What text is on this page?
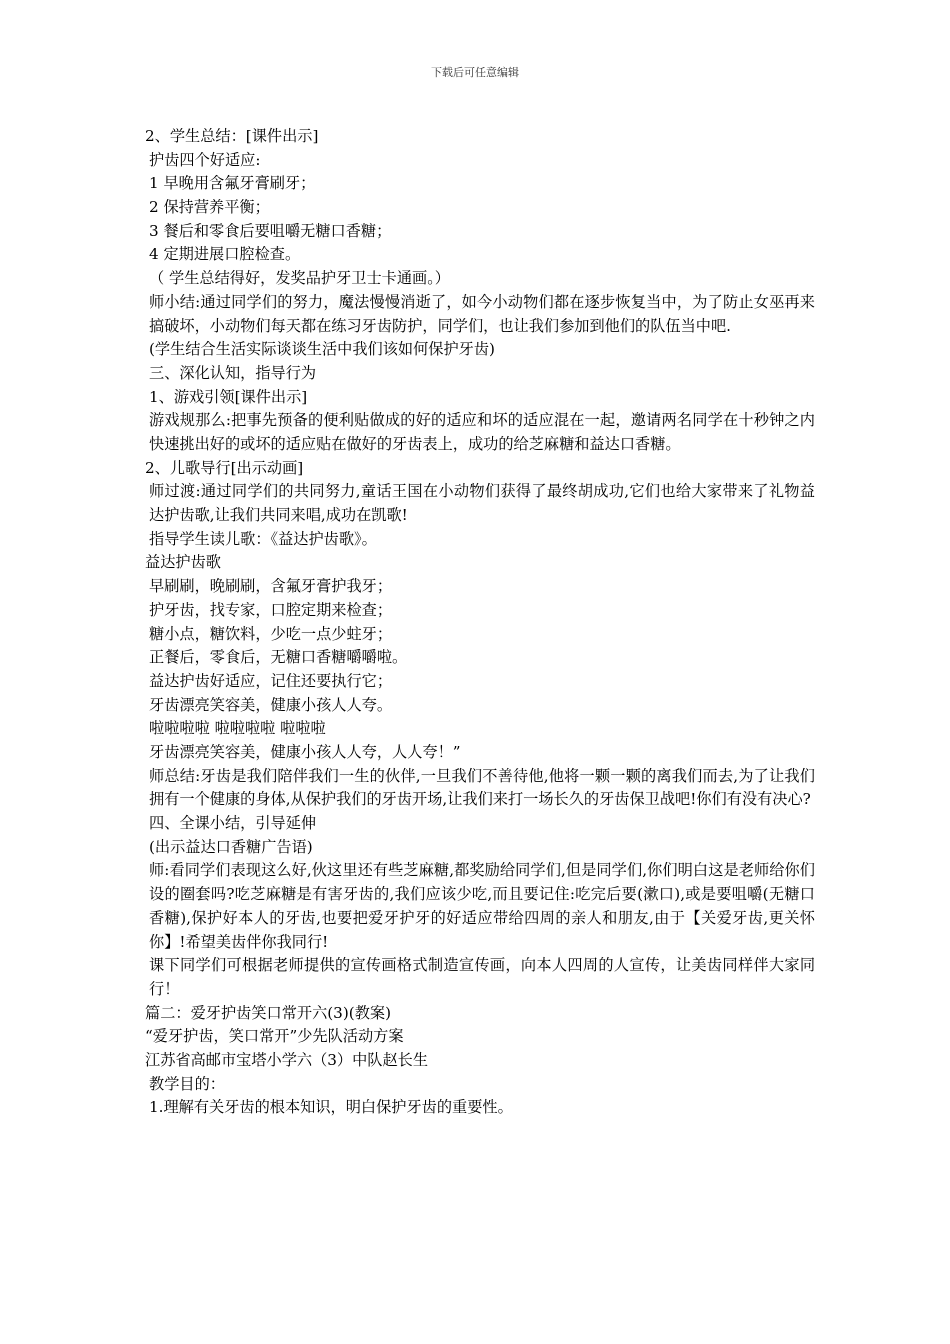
下载后可任意编辑
2、学生总结：[课件出示]
护齿四个好适应:
1 早晚用含氟牙膏刷牙；
2 保持营养平衡；
3 餐后和零食后要咀嚼无糖口香糖；
4 定期进展口腔检查。
（ 学生总结得好，发奖品护牙卫士卡通画。）
师小结:通过同学们的努力，魔法慢慢消逝了，如今小动物们都在逐步恢复当中，为了防止女巫再来搞破坏，小动物们每天都在练习牙齿防护，同学们，也让我们参加到他们的队伍当中吧.
(学生结合生活实际谈谈生活中我们该如何保护牙齿)
三、深化认知，指导行为
1、游戏引领[课件出示]
游戏规那么:把事先预备的便利贴做成的好的适应和坏的适应混在一起，邀请两名同学在十秒钟之内快速挑出好的或坏的适应贴在做好的牙齿表上，成功的给芝麻糖和益达口香糖。
2、儿歌导行[出示动画]
师过渡:通过同学们的共同努力,童话王国在小动物们获得了最终胡成功,它们也给大家带来了礼物益达护齿歌,让我们共同来唱,成功在凯歌!
指导学生读儿歌：《益达护齿歌》。
益达护齿歌
早刷刷，晚刷刷，含氟牙膏护我牙；
护牙齿，找专家，口腔定期来检查；
糖小点，糖饮料，少吃一点少蛀牙；
正餐后，零食后，无糖口香糖嚼嚼啦。
益达护齿好适应，记住还要执行它；
牙齿漂亮笑容美，健康小孩人人夸。
啦啦啦啦 啦啦啦啦 啦啦啦
牙齿漂亮笑容美，健康小孩人人夸，人人夸！”
师总结:牙齿是我们陪伴我们一生的伙伴,一旦我们不善待他,他将一颗一颗的离我们而去,为了让我们拥有一个健康的身体,从保护我们的牙齿开场,让我们来打一场长久的牙齿保卫战吧!你们有没有决心?
四、全课小结，引导延伸
(出示益达口香糖广告语)
师:看同学们表现这么好,伙这里还有些芝麻糖,都奖励给同学们,但是同学们,你们明白这是老师给你们设的圈套吗?吃芝麻糖是有害牙齿的,我们应该少吃,而且要记住:吃完后要(漱口),或是要咀嚼(无糖口香糖),保护好本人的牙齿,也要把爱牙护牙的好适应带给四周的亲人和朋友,由于【关爱牙齿,更关怀你】!希望美齿伴你我同行!
课下同学们可根据老师提供的宣传画格式制造宣传画，向本人四周的人宣传，让美齿同样伴大家同行！
篇二：爱牙护齿笑口常开六(3)(教案)
“爱牙护齿，笑口常开”少先队活动方案
江苏省高邮市宝塔小学六（3）中队赵长生
教学目的：
1.理解有关牙齿的根本知识，明白保护牙齿的重要性。
